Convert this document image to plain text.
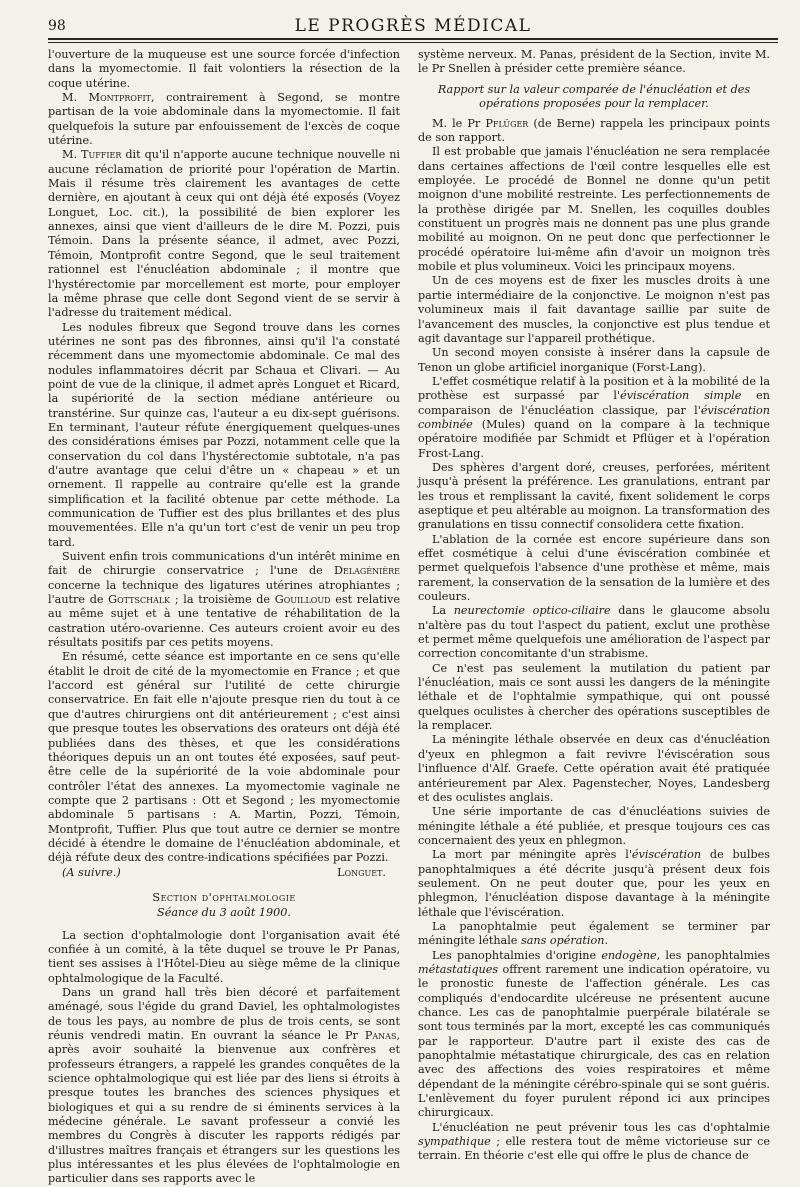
98	LE PROGRÈS MÉDICAL

l'ouverture de la muqueuse est une source forcée d'infection dans la myomectomie. Il fait volontiers la résection de la coque utérine.

M. Montprofit, contrairement à Segond, se montre partisan de la voie abdominale dans la myomectomie. Il fait quelquefois la suture par enfouissement de l'excès de coque utérine.

M. Tuffier dit qu'il n'apporte aucune technique nouvelle ni aucune réclamation de priorité pour l'opération de Martin. Mais il résume très clairement les avantages de cette dernière, en ajoutant à ceux qui ont déjà été exposés (Voyez Longuet, Loc. cit.), la possibilité de bien explorer les annexes, ainsi que vient d'ailleurs de le dire M. Pozzi, puis Témoin. Dans la présente séance, il admet, avec Pozzi, Témoin, Montprofit contre Segond, que le seul traitement rationnel est l'énucléation abdominale ; il montre que l'hystérectomie par morcellement est morte, pour employer la même phrase que celle dont Segond vient de se servir à l'adresse du traitement médical.

Les nodules fibreux que Segond trouve dans les cornes utérines ne sont pas des fibronnes, ainsi qu'il l'a constaté récemment dans une myomectomie abdominale. Ce mal des nodules inflammatoires décrit par Schaua et Clivari. — Au point de vue de la clinique, il admet après Longuet et Ricard, la supériorité de la section médiane antérieure ou transtérine. Sur quinze cas, l'auteur a eu dix-sept guérisons. En terminant, l'auteur réfute énergiquement quelques-unes des considérations émises par Pozzi, notamment celle que la conservation du col dans l'hystérectomie subtotale, n'a pas d'autre avantage que celui d'être un « chapeau » et un ornement. Il rappelle au contraire qu'elle est la grande simplification et la facilité obtenue par cette méthode. La communication de Tuffier est des plus brillantes et des plus mouvementées. Elle n'a qu'un tort c'est de venir un peu trop tard.

Suivent enfin trois communications d'un intérêt minime en fait de chirurgie conservatrice ; l'une de Delagénière concerne la technique des ligatures utérines atrophiantes ; l'autre de Gottschalk ; la troisième de Gouilloud est relative au même sujet et à une tentative de réhabilitation de la castration utéro-ovarienne. Ces auteurs croient avoir eu des résultats positifs par ces petits moyens.

En résumé, cette séance est importante en ce sens qu'elle établit le droit de cité de la myomectomie en France ; et que l'accord est général sur l'utilité de cette chirurgie conservatrice. En fait elle n'ajoute presque rien du tout à ce que d'autres chirurgiens ont dit antérieurement ; c'est ainsi que presque toutes les observations des orateurs ont déjà été publiées dans des thèses, et que les considérations théoriques depuis un an ont toutes été exposées, sauf peut-être celle de la supériorité de la voie abdominale pour contrôler l'état des annexes. La myomectomie vaginale ne compte que 2 partisans : Ott et Segond ; les myomectomie abdominale 5 partisans : A. Martin, Pozzi, Témoin, Montprofit, Tuffier. Plus que tout autre ce dernier se montre décidé à étendre le domaine de l'énucléation abdominale, et déjà réfute deux des contre-indications spécifiées par Pozzi.

(A suivre.)	Longuet.
Section d'ophtalmologie
Séance du 3 août 1900.

La section d'ophtalmologie dont l'organisation avait été confiée à un comité, à la tête duquel se trouve le Pr Panas, tient ses assises à l'Hôtel-Dieu au siège même de la clinique ophtalmologique de la Faculté.

Dans un grand hall très bien décoré et parfaitement aménagé, sous l'égide du grand Daviel, les ophtalmologistes de tous les pays, au nombre de plus de trois cents, se sont réunis vendredi matin. En ouvrant la séance le Pr Panas, après avoir souhaité la bienvenue aux confrères et professeurs étrangers, a rappelé les grandes conquêtes de la science ophtalmologique qui est liée par des liens si étroits à presque toutes les branches des sciences physiques et biologiques et qui a su rendre de si éminents services à la médecine générale. Le savant professeur a convié les membres du Congrès à discuter les rapports rédigés par d'illustres maîtres français et étrangers sur les questions les plus intéressantes et les plus élevées de l'ophtalmologie en particulier dans ses rapports avec le

système nerveux. M. Panas, président de la Section, invite M. le Pr Snellen à présider cette première séance.

Rapport sur la valeur comparée de l'énucléation et des opérations proposées pour la remplacer.

M. le Pr Pflüger (de Berne) rappela les principaux points de son rapport.

Il est probable que jamais l'énucléation ne sera remplacée dans certaines affections de l'œil contre lesquelles elle est employée. Le procédé de Bonnel ne donne qu'un petit moignon d'une mobilité restreinte. Les perfectionnements de la prothèse dirigée par M. Snellen, les coquilles doubles constituent un progrès mais ne donnent pas une plus grande mobilité au moignon. On ne peut donc que perfectionner le procédé opératoire lui-même afin d'avoir un moignon très mobile et plus volumineux. Voici les principaux moyens.

Un de ces moyens est de fixer les muscles droits à une partie intermédiaire de la conjonctive. Le moignon n'est pas volumineux mais il fait davantage saillie par suite de l'avancement des muscles, la conjonctive est plus tendue et agit davantage sur l'appareil prothétique.

Un second moyen consiste à insérer dans la capsule de Tenon un globe artificiel inorganique (Forst-Lang).

L'effet cosmétique relatif à la position et à la mobilité de la prothèse est surpassé par l'éviscération simple en comparaison de l'énucléation classique, par l'éviscération combinée (Mules) quand on la compare à la technique opératoire modifiée par Schmidt et Pflüger et à l'opération Frost-Lang.

Des sphères d'argent doré, creuses, perforées, méritent jusqu'à présent la préférence. Les granulations, entrant par les trous et remplissant la cavité, fixent solidement le corps aseptique et peu altérable au moignon. La transformation des granulations en tissu connectif consolidera cette fixation.

L'ablation de la cornée est encore supérieure dans son effet cosmétique à celui d'une éviscération combinée et permet quelquefois l'absence d'une prothèse et même, mais rarement, la conservation de la sensation de la lumière et des couleurs.

La neurectomie optico-ciliaire dans le glaucome absolu n'altère pas du tout l'aspect du patient, exclut une prothèse et permet même quelquefois une amélioration de l'aspect par correction concomitante d'un strabisme.

Ce n'est pas seulement la mutilation du patient par l'énucléation, mais ce sont aussi les dangers de la méningite léthale et de l'ophtalmie sympathique, qui ont poussé quelques oculistes à chercher des opérations susceptibles de la remplacer.

La méningite léthale observée en deux cas d'énucléation d'yeux en phlegmon a fait revivre l'éviscération sous l'influence d'Alf. Graefe. Cette opération avait été pratiquée antérieurement par Alex. Pagenstecher, Noyes, Landesberg et des oculistes anglais.

Une série importante de cas d'énucléations suivies de méningite léthale a été publiée, et presque toujours ces cas concernaient des yeux en phlegmon.

La mort par méningite après l'éviscération de bulbes panophtalmiques a été décrite jusqu'à présent deux fois seulement. On ne peut douter que, pour les yeux en phlegmon, l'énucléation dispose davantage à la méningite léthale que l'éviscération.

La panophtalmie peut également se terminer par méningite léthale sans opération.

Les panophtalmies d'origine endogène, les panophtalmies métastatiques offrent rarement une indication opératoire, vu le pronostic funeste de l'affection générale. Les cas compliqués d'endocardite ulcéreuse ne présentent aucune chance. Les cas de panophtalmie puerpérale bilatérale se sont tous terminés par la mort, excepté les cas communiqués par le rapporteur. D'autre part il existe des cas de panophtalmie métastatique chirurgicale, des cas en relation avec des affections des voies respiratoires et même dépendant de la méningite cérébro-spinale qui se sont guéris. L'enlèvement du foyer purulent répond ici aux principes chirurgicaux.

L'énucléation ne peut prévenir tous les cas d'ophtalmie sympathique ; elle restera tout de même victorieuse sur ce terrain. En théorie c'est elle qui offre le plus de chance de
